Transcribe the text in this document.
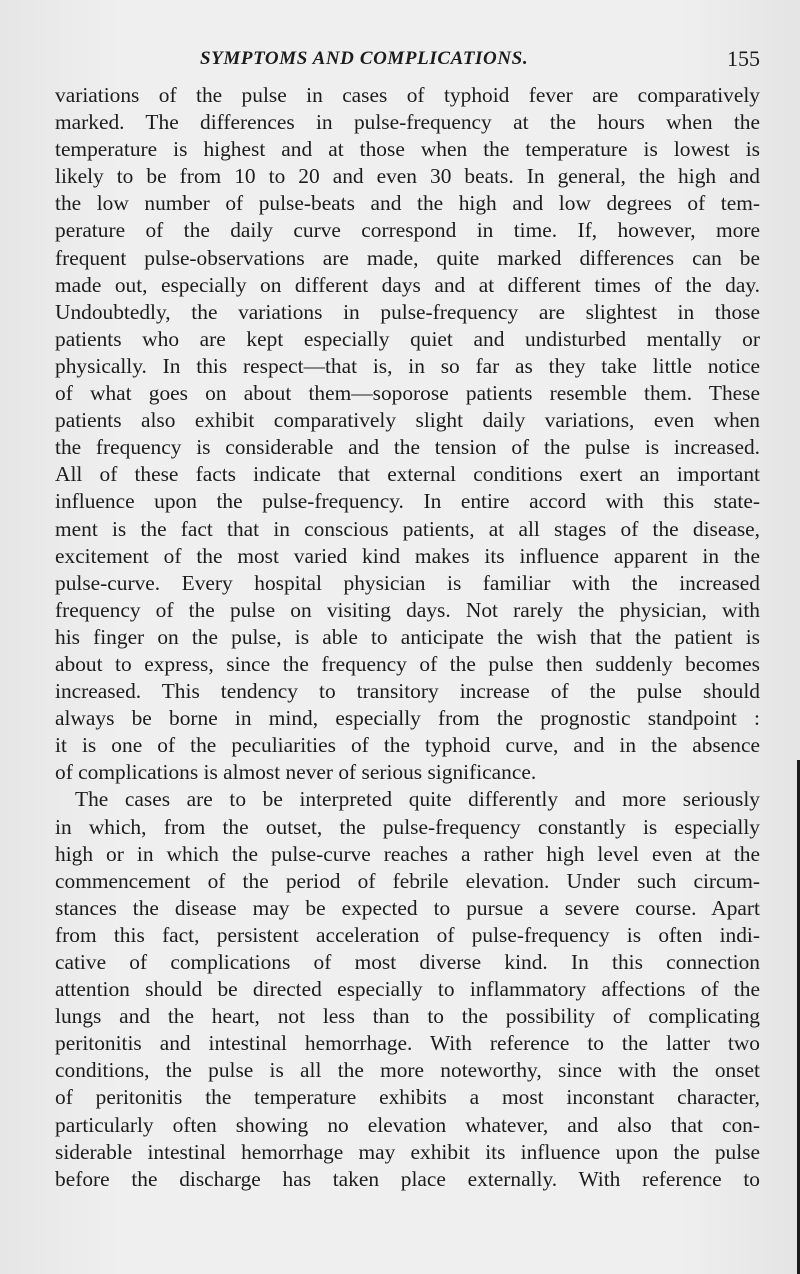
SYMPTOMS AND COMPLICATIONS.	155
variations of the pulse in cases of typhoid fever are comparatively
marked. The differences in pulse-frequency at the hours when the
temperature is highest and at those when the temperature is lowest is
likely to be from 10 to 20 and even 30 beats. In general, the high and
the low number of pulse-beats and the high and low degrees of tem-
perature of the daily curve correspond in time. If, however, more
frequent pulse-observations are made, quite marked differences can be
made out, especially on different days and at different times of the day.
Undoubtedly, the variations in pulse-frequency are slightest in those
patients who are kept especially quiet and undisturbed mentally or
physically. In this respect—that is, in so far as they take little notice
of what goes on about them—soporose patients resemble them. These
patients also exhibit comparatively slight daily variations, even when
the frequency is considerable and the tension of the pulse is increased.
All of these facts indicate that external conditions exert an important
influence upon the pulse-frequency. In entire accord with this state-
ment is the fact that in conscious patients, at all stages of the disease,
excitement of the most varied kind makes its influence apparent in the
pulse-curve. Every hospital physician is familiar with the increased
frequency of the pulse on visiting days. Not rarely the physician, with
his finger on the pulse, is able to anticipate the wish that the patient is
about to express, since the frequency of the pulse then suddenly becomes
increased. This tendency to transitory increase of the pulse should
always be borne in mind, especially from the prognostic standpoint :
it is one of the peculiarities of the typhoid curve, and in the absence
of complications is almost never of serious significance.
The cases are to be interpreted quite differently and more seriously
in which, from the outset, the pulse-frequency constantly is especially
high or in which the pulse-curve reaches a rather high level even at the
commencement of the period of febrile elevation. Under such circum-
stances the disease may be expected to pursue a severe course. Apart
from this fact, persistent acceleration of pulse-frequency is often indi-
cative of complications of most diverse kind. In this connection
attention should be directed especially to inflammatory affections of the
lungs and the heart, not less than to the possibility of complicating
peritonitis and intestinal hemorrhage. With reference to the latter two
conditions, the pulse is all the more noteworthy, since with the onset
of peritonitis the temperature exhibits a most inconstant character,
particularly often showing no elevation whatever, and also that con-
siderable intestinal hemorrhage may exhibit its influence upon the pulse
before the discharge has taken place externally. With reference to
